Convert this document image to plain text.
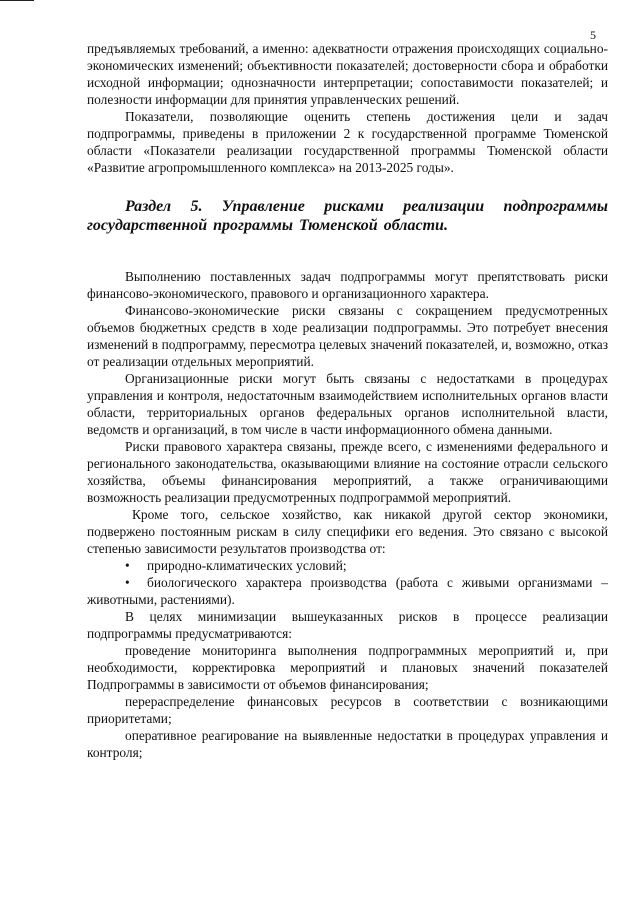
5

предъявляемых требований, а именно: адекватности отражения происходящих социально-экономических изменений; объективности показателей; достоверности сбора и обработки исходной информации; однозначности интерпретации; сопоставимости показателей; и полезности информации для принятия управленческих решений.

Показатели, позволяющие оценить степень достижения цели и задач подпрограммы, приведены в приложении 2 к государственной программе Тюменской области «Показатели реализации государственной программы Тюменской области «Развитие агропромышленного комплекса» на 2013-2025 годы».

Раздел 5. Управление рисками реализации подпрограммы государственной программы Тюменской области.

Выполнению поставленных задач подпрограммы могут препятствовать риски финансово-экономического, правового и организационного характера.

Финансово-экономические риски связаны с сокращением предусмотренных объемов бюджетных средств в ходе реализации подпрограммы. Это потребует внесения изменений в подпрограмму, пересмотра целевых значений показателей, и, возможно, отказ от реализации отдельных мероприятий.

Организационные риски могут быть связаны с недостатками в процедурах управления и контроля, недостаточным взаимодействием исполнительных органов власти области, территориальных органов федеральных органов исполнительной власти, ведомств и организаций, в том числе в части информационного обмена данными.

Риски правового характера связаны, прежде всего, с изменениями федерального и регионального законодательства, оказывающими влияние на состояние отрасли сельского хозяйства, объемы финансирования мероприятий, а также ограничивающими возможность реализации предусмотренных подпрограммой мероприятий.

Кроме того, сельское хозяйство, как никакой другой сектор экономики, подвержено постоянным рискам в силу специфики его ведения. Это связано с высокой степенью зависимости результатов производства от:

• природно-климатических условий;

• биологического характера производства (работа с живыми организмами – животными, растениями).

В целях минимизации вышеуказанных рисков в процессе реализации подпрограммы предусматриваются:

проведение мониторинга выполнения подпрограммных мероприятий и, при необходимости, корректировка мероприятий и плановых значений показателей Подпрограммы в зависимости от объемов финансирования;

перераспределение финансовых ресурсов в соответствии с возникающими приоритетами;

оперативное реагирование на выявленные недостатки в процедурах управления и контроля;
